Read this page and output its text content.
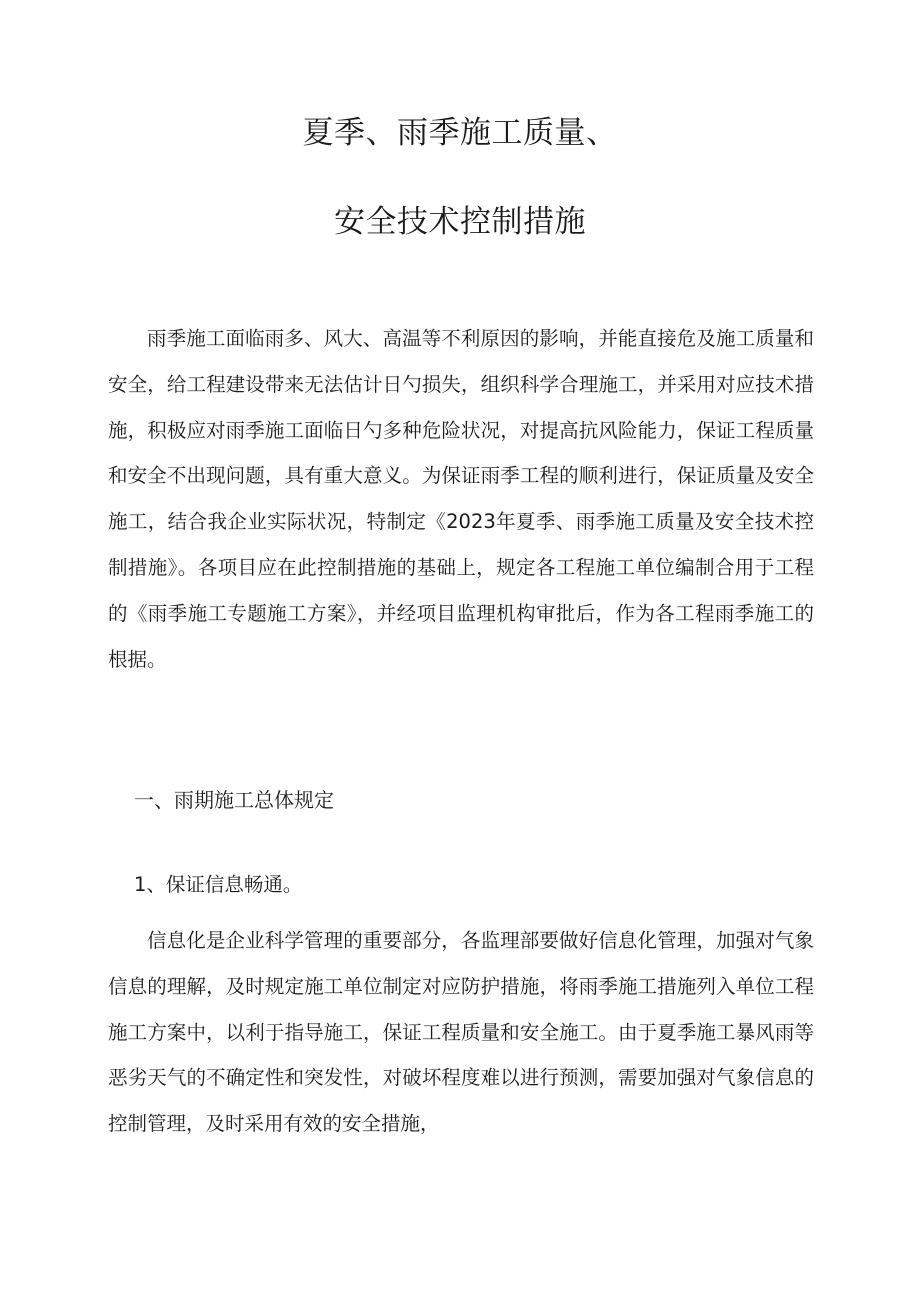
夏季、雨季施工质量、
安全技术控制措施

雨季施工面临雨多、风大、高温等不利原因的影响，并能直接危及施工质量和安全，给工程建设带来无法估计日勺损失，组织科学合理施工，并采用对应技术措施，积极应对雨季施工面临日勺多种危险状况，对提高抗风险能力，保证工程质量和安全不出现问题，具有重大意义。为保证雨季工程的顺利进行，保证质量及安全施工，结合我企业实际状况，特制定《2023年夏季、雨季施工质量及安全技术控制措施》。各项目应在此控制措施的基础上，规定各工程施工单位编制合用于工程的《雨季施工专题施工方案》，并经项目监理机构审批后，作为各工程雨季施工的根据。

一、雨期施工总体规定
1、保证信息畅通。

信息化是企业科学管理的重要部分，各监理部要做好信息化管理，加强对气象信息的理解，及时规定施工单位制定对应防护措施，将雨季施工措施列入单位工程施工方案中，以利于指导施工，保证工程质量和安全施工。由于夏季施工暴风雨等恶劣天气的不确定性和突发性，对破坏程度难以进行预测，需要加强对气象信息的控制管理，及时采用有效的安全措施，
